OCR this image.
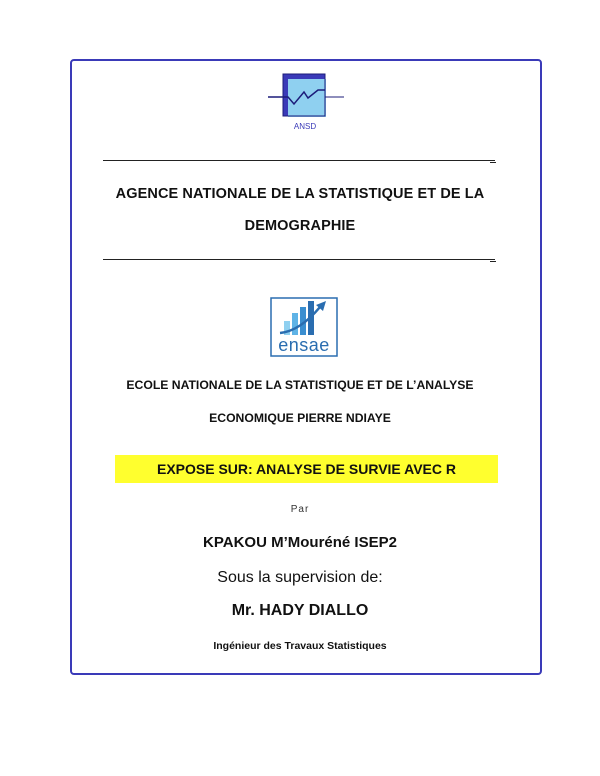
ANSD
AGENCE NATIONALE DE LA STATISTIQUE ET DE LA
DEMOGRAPHIE
ensae
ECOLE NATIONALE DE LA STATISTIQUE ET DE L’ANALYSE
ECONOMIQUE PIERRE NDIAYE
EXPOSE SUR: ANALYSE DE SURVIE AVEC R
Par
KPAKOU M’Mouréné ISEP2
Sous la supervision de:
Mr. HADY DIALLO
Ingénieur des Travaux Statistiques
